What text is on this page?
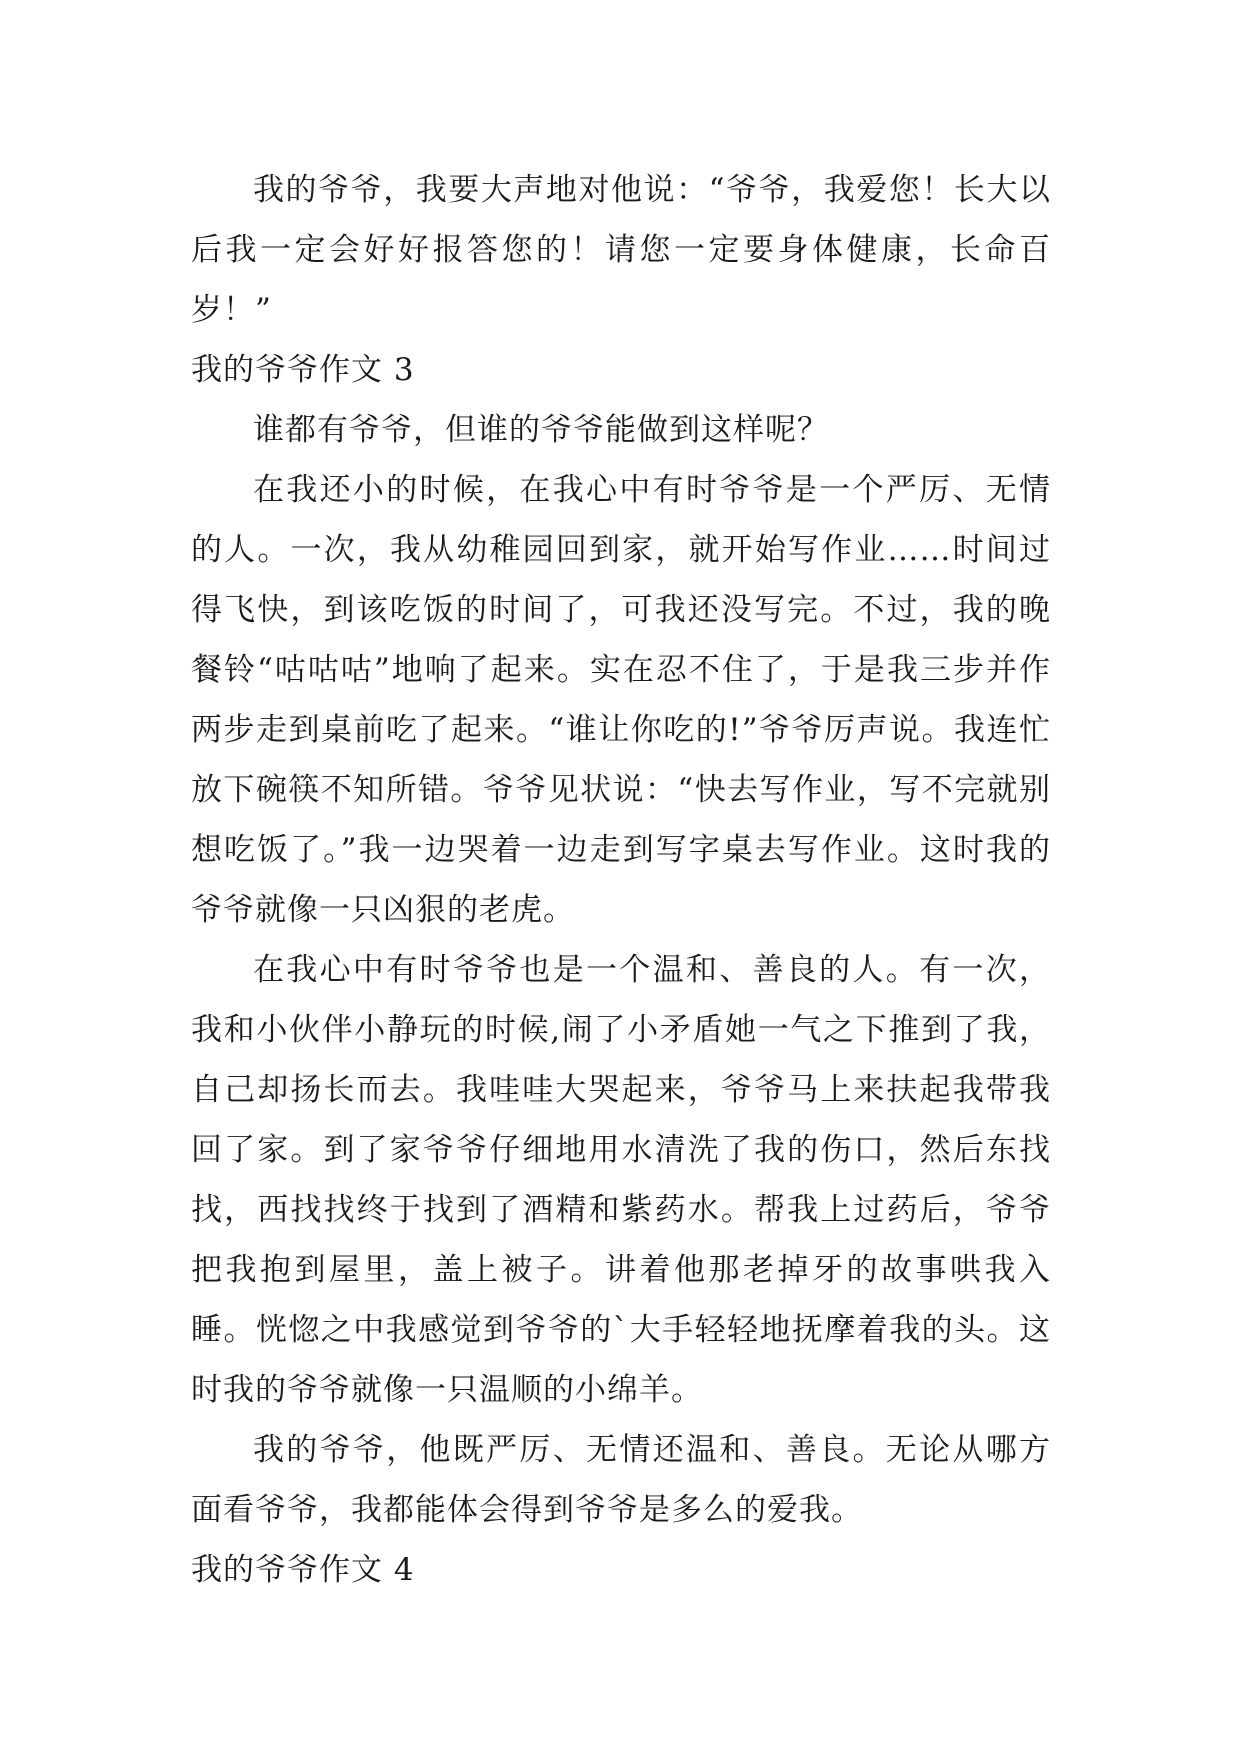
我的爷爷，我要大声地对他说：“爷爷，我爱您！长大以后我一定会好好报答您的！请您一定要身体健康，长命百岁！”

我的爷爷作文 3

谁都有爷爷，但谁的爷爷能做到这样呢？

在我还小的时候，在我心中有时爷爷是一个严厉、无情的人。一次，我从幼稚园回到家，就开始写作业……时间过得飞快，到该吃饭的时间了，可我还没写完。不过，我的晚餐铃“咕咕咕”地响了起来。实在忍不住了，于是我三步并作两步走到桌前吃了起来。“谁让你吃的!”爷爷厉声说。我连忙放下碗筷不知所错。爷爷见状说：“快去写作业，写不完就别想吃饭了。”我一边哭着一边走到写字桌去写作业。这时我的爷爷就像一只凶狠的老虎。

在我心中有时爷爷也是一个温和、善良的人。有一次，我和小伙伴小静玩的时候,闹了小矛盾她一气之下推到了我，自己却扬长而去。我哇哇大哭起来，爷爷马上来扶起我带我回了家。到了家爷爷仔细地用水清洗了我的伤口，然后东找找，西找找终于找到了酒精和紫药水。帮我上过药后，爷爷把我抱到屋里，盖上被子。讲着他那老掉牙的故事哄我入睡。恍惚之中我感觉到爷爷的`大手轻轻地抚摩着我的头。这时我的爷爷就像一只温顺的小绵羊。

我的爷爷，他既严厉、无情还温和、善良。无论从哪方面看爷爷，我都能体会得到爷爷是多么的爱我。

我的爷爷作文 4
